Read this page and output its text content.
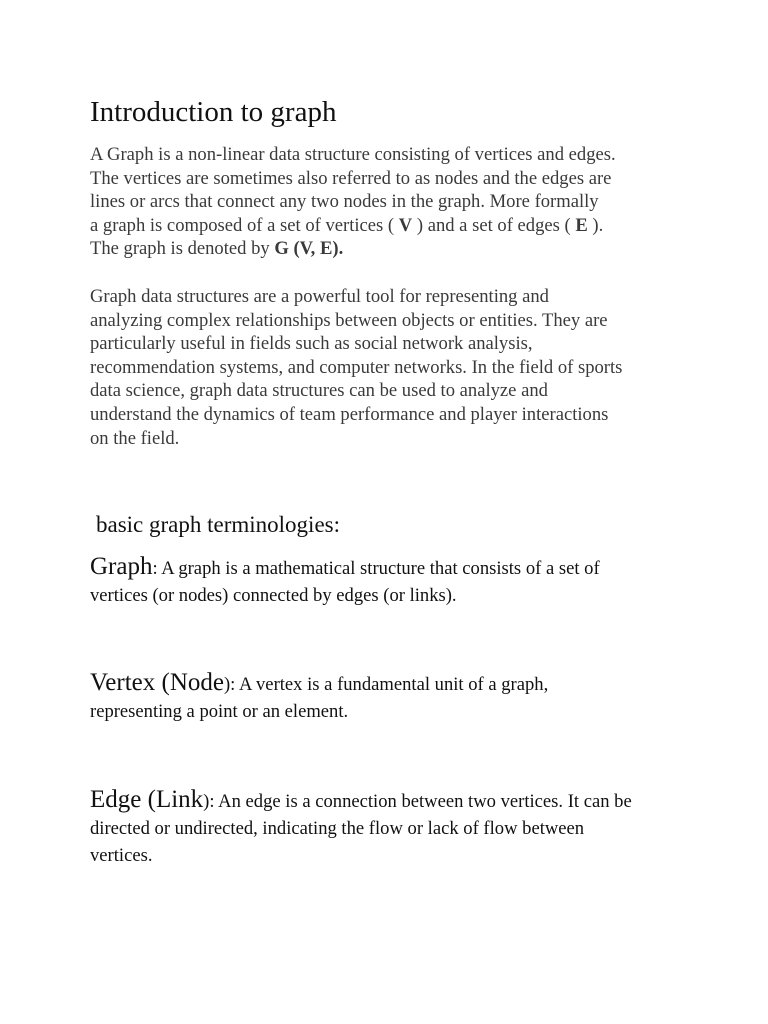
Introduction to graph

A Graph is a non-linear data structure consisting of vertices and edges.
The vertices are sometimes also referred to as nodes and the edges are
lines or arcs that connect any two nodes in the graph. More formally
a graph is composed of a set of vertices ( V ) and a set of edges ( E ).
The graph is denoted by G (V, E).

Graph data structures are a powerful tool for representing and
analyzing complex relationships between objects or entities. They are
particularly useful in fields such as social network analysis,
recommendation systems, and computer networks. In the field of sports
data science, graph data structures can be used to analyze and
understand the dynamics of team performance and player interactions
on the field.

basic graph terminologies:

Graph: A graph is a mathematical structure that consists of a set of
vertices (or nodes) connected by edges (or links).

Vertex (Node): A vertex is a fundamental unit of a graph,
representing a point or an element.

Edge (Link): An edge is a connection between two vertices. It can be
directed or undirected, indicating the flow or lack of flow between
vertices.
